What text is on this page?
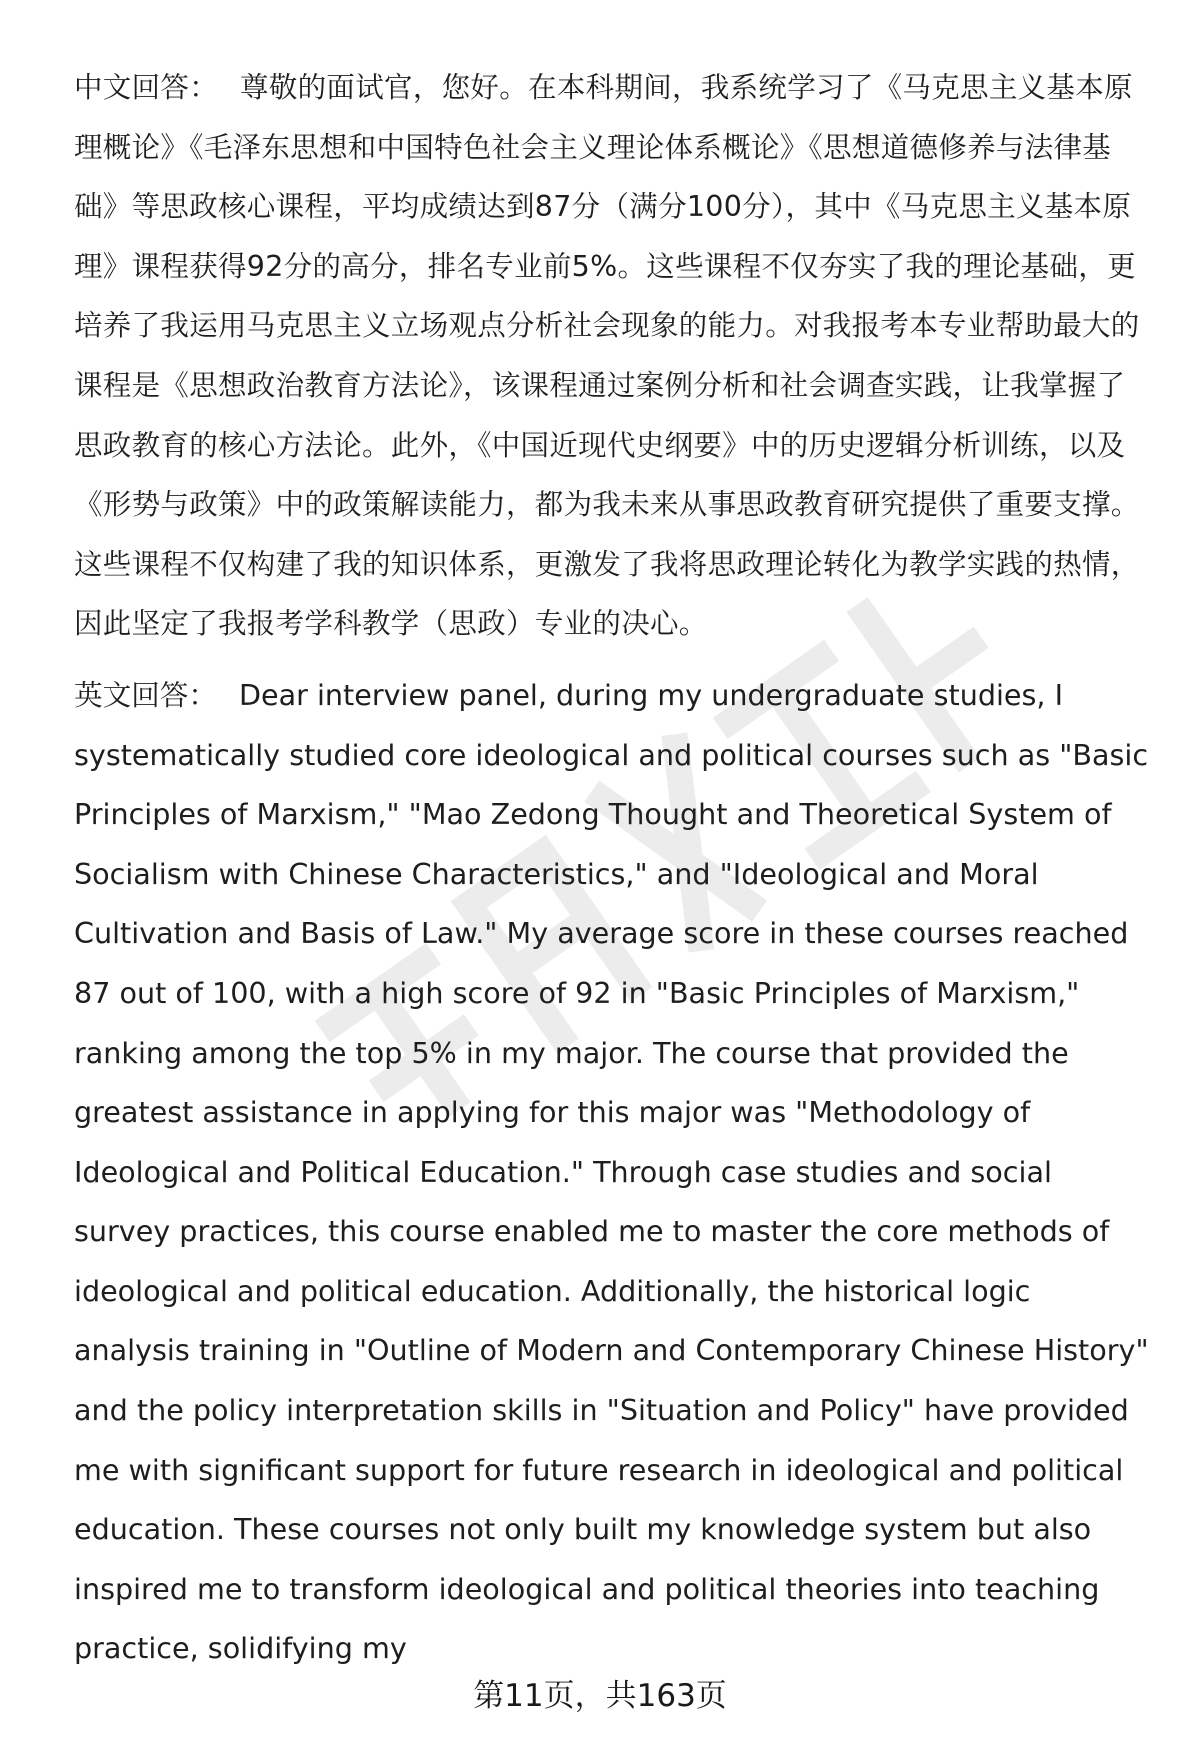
中文回答： 尊敬的面试官，您好。在本科期间，我系统学习了《马克思主义基本原理概论》《毛泽东思想和中国特色社会主义理论体系概论》《思想道德修养与法律基础》等思政核心课程，平均成绩达到87分（满分100分），其中《马克思主义基本原理》课程获得92分的高分，排名专业前5%。这些课程不仅夯实了我的理论基础，更培养了我运用马克思主义立场观点分析社会现象的能力。对我报考本专业帮助最大的课程是《思想政治教育方法论》，该课程通过案例分析和社会调查实践，让我掌握了思政教育的核心方法论。此外，《中国近现代史纲要》中的历史逻辑分析训练，以及《形势与政策》中的政策解读能力，都为我未来从事思政教育研究提供了重要支撑。这些课程不仅构建了我的知识体系，更激发了我将思政理论转化为教学实践的热情，因此坚定了我报考学科教学（思政）专业的决心。

英文回答： Dear interview panel, during my undergraduate studies, I systematically studied core ideological and political courses such as "Basic Principles of Marxism," "Mao Zedong Thought and Theoretical System of Socialism with Chinese Characteristics," and "Ideological and Moral Cultivation and Basis of Law." My average score in these courses reached 87 out of 100, with a high score of 92 in "Basic Principles of Marxism," ranking among the top 5% in my major. The course that provided the greatest assistance in applying for this major was "Methodology of Ideological and Political Education." Through case studies and social survey practices, this course enabled me to master the core methods of ideological and political education. Additionally, the historical logic analysis training in "Outline of Modern and Contemporary Chinese History" and the policy interpretation skills in "Situation and Policy" have provided me with significant support for future research in ideological and political education. These courses not only built my knowledge system but also inspired me to transform ideological and political theories into teaching practice, solidifying my

第11页，共163页
